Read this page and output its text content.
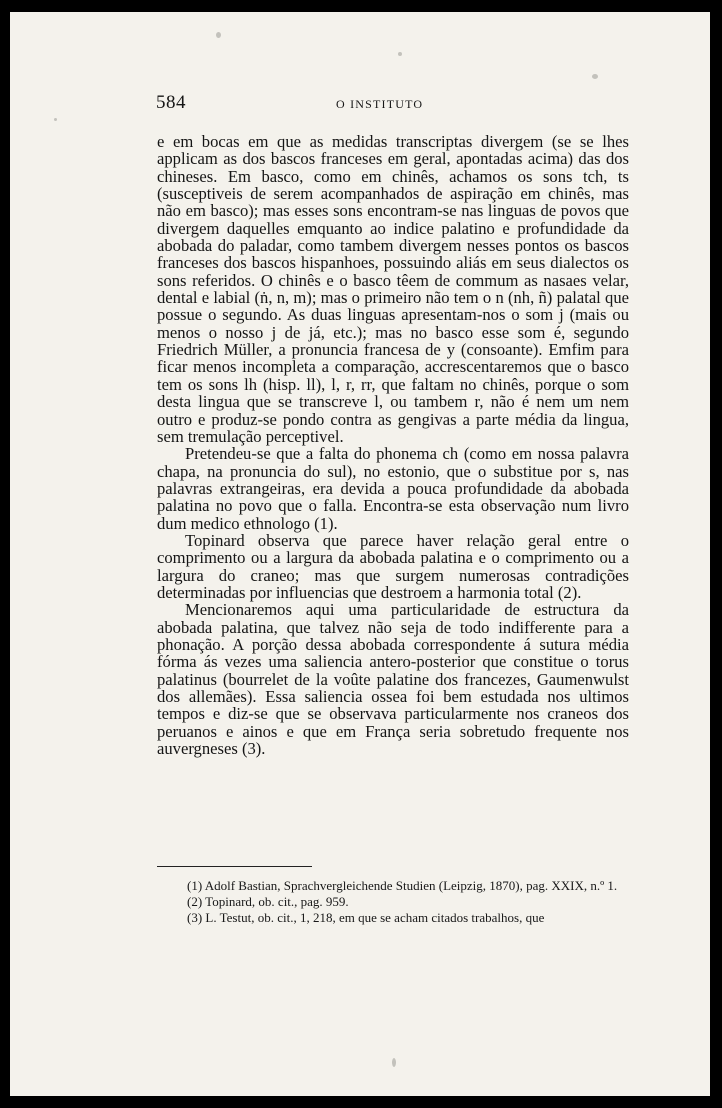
584	O INSTITUTO

e em bocas em que as medidas transcriptas divergem (se se lhes applicam as dos bascos franceses em geral, apontadas acima) das dos chineses. Em basco, como em chinês, achamos os sons tch, ts (susceptiveis de serem acompanhados de aspiração em chinês, mas não em basco); mas esses sons encontram-se nas linguas de povos que divergem daquelles emquanto ao indice palatino e profundidade da abobada do paladar, como tambem divergem nesses pontos os bascos franceses dos bascos hispanhoes, possuindo aliás em seus dialectos os sons referidos. O chinês e o basco têem de commum as nasaes velar, dental e labial (ṅ, n, m); mas o primeiro não tem o n (nh, ñ) palatal que possue o segundo. As duas linguas apresentam-nos o som j (mais ou menos o nosso j de já, etc.); mas no basco esse som é, segundo Friedrich Müller, a pronuncia francesa de y (consoante). Emfim para ficar menos incompleta a comparação, accrescentaremos que o basco tem os sons lh (hisp. ll), l, r, rr, que faltam no chinês, porque o som desta lingua que se transcreve l, ou tambem r, não é nem um nem outro e produz-se pondo contra as gengivas a parte média da lingua, sem tremulação perceptivel.

Pretendeu-se que a falta do phonema ch (como em nossa palavra chapa, na pronuncia do sul), no estonio, que o substitue por s, nas palavras extrangeiras, era devida a pouca profundidade da abobada palatina no povo que o falla. Encontra-se esta observação num livro dum medico ethnologo (1).

Topinard observa que parece haver relação geral entre o comprimento ou a largura da abobada palatina e o comprimento ou a largura do craneo; mas que surgem numerosas contradições determinadas por influencias que destroem a harmonia total (2).

Mencionaremos aqui uma particularidade de estructura da abobada palatina, que talvez não seja de todo indifferente para a phonação. A porção dessa abobada correspondente á sutura média fórma ás vezes uma saliencia antero-posterior que constitue o torus palatinus (bourrelet de la voûte palatine dos francezes, Gaumenwulst dos allemães). Essa saliencia ossea foi bem estudada nos ultimos tempos e diz-se que se observava particularmente nos craneos dos peruanos e ainos e que em França seria sobretudo frequente nos auvergneses (3).

(1) Adolf Bastian, Sprachvergleichende Studien (Leipzig, 1870), pag. XXIX, n.º 1.

(2) Topinard, ob. cit., pag. 959.

(3) L. Testut, ob. cit., 1, 218, em que se acham citados trabalhos, que
